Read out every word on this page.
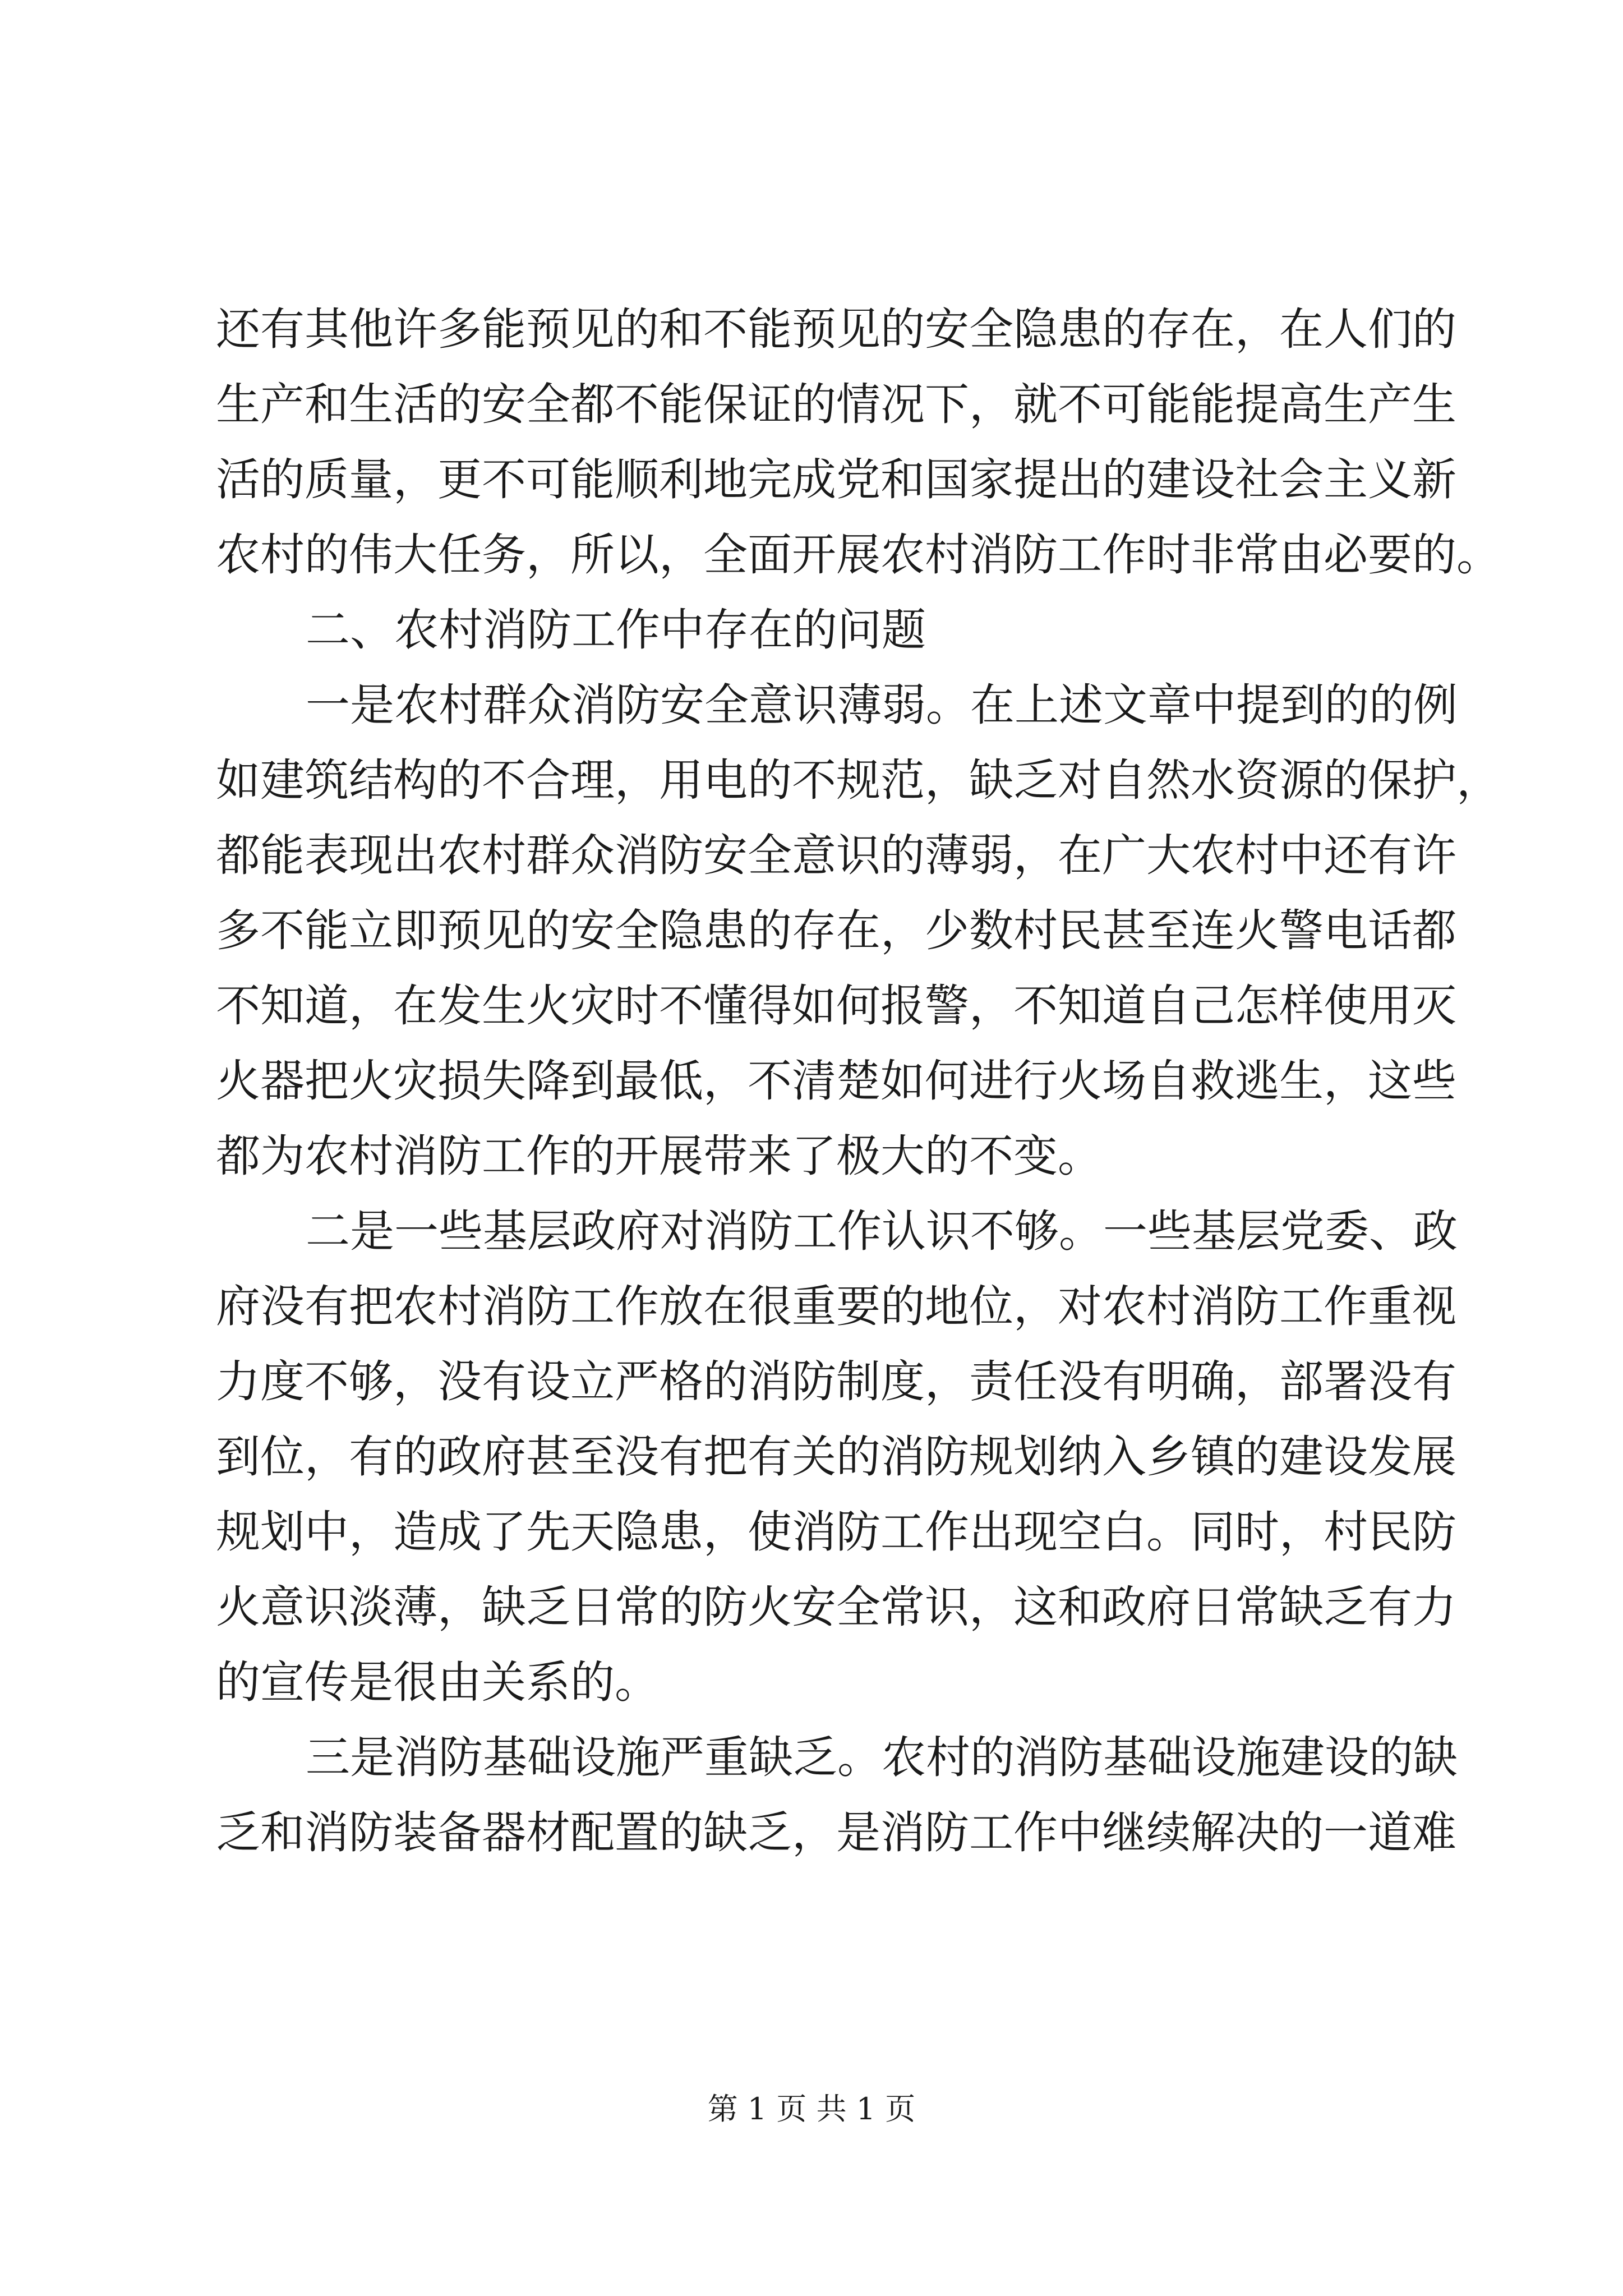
还有其他许多能预见的和不能预见的安全隐患的存在，在人们的
生产和生活的安全都不能保证的情况下，就不可能能提高生产生
活的质量，更不可能顺利地完成党和国家提出的建设社会主义新
农村的伟大任务，所以，全面开展农村消防工作时非常由必要的。
二、农村消防工作中存在的问题
一是农村群众消防安全意识薄弱。在上述文章中提到的的例
如建筑结构的不合理，用电的不规范，缺乏对自然水资源的保护，
都能表现出农村群众消防安全意识的薄弱，在广大农村中还有许
多不能立即预见的安全隐患的存在，少数村民甚至连火警电话都
不知道，在发生火灾时不懂得如何报警，不知道自己怎样使用灭
火器把火灾损失降到最低，不清楚如何进行火场自救逃生，这些
都为农村消防工作的开展带来了极大的不变。
二是一些基层政府对消防工作认识不够。一些基层党委、政
府没有把农村消防工作放在很重要的地位，对农村消防工作重视
力度不够，没有设立严格的消防制度，责任没有明确，部署没有
到位，有的政府甚至没有把有关的消防规划纳入乡镇的建设发展
规划中，造成了先天隐患，使消防工作出现空白。同时，村民防
火意识淡薄，缺乏日常的防火安全常识，这和政府日常缺乏有力
的宣传是很由关系的。
三是消防基础设施严重缺乏。农村的消防基础设施建设的缺
乏和消防装备器材配置的缺乏，是消防工作中继续解决的一道难
第 1 页 共 1 页
